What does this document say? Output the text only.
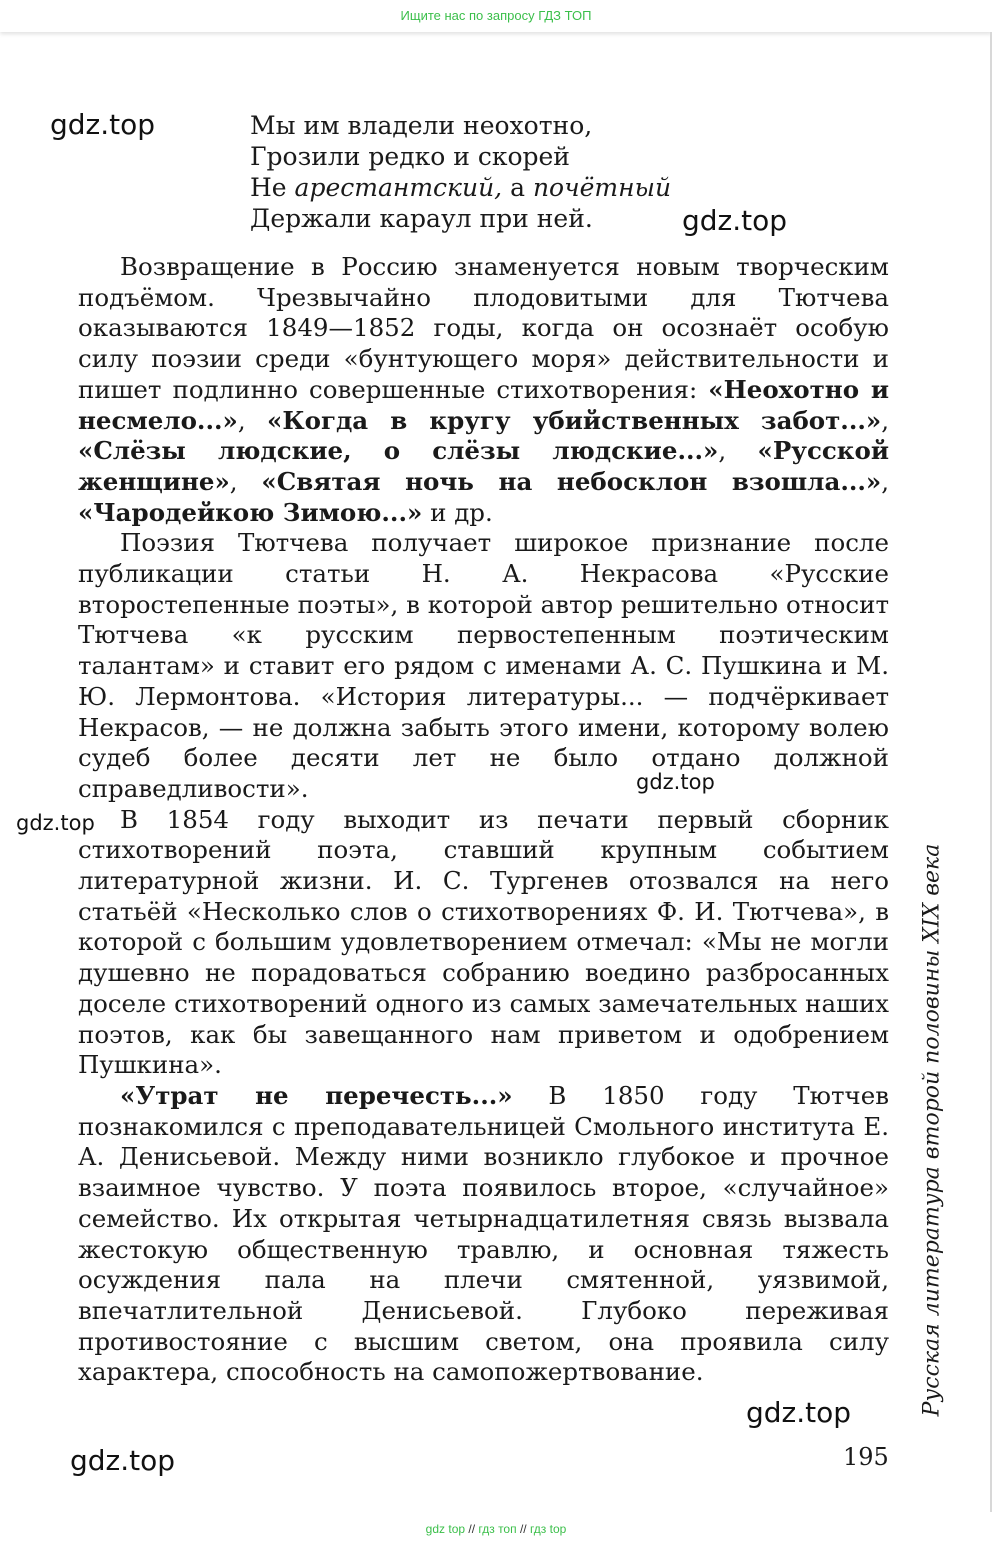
Ищите нас по запросу ГДЗ ТОП
gdz.top
gdz.top
gdz.top
gdz.top
gdz.top
gdz.top
Мы им владели неохотно,
Грозили редко и скорей
Не арестантский, а почётный
Держали караул при ней.

Возвращение в Россию знаменуется новым творческим подъёмом. Чрезвычайно плодовитыми для Тютчева оказываются 1849—1852 годы, когда он осознаёт особую силу поэзии среди «бунтующего моря» действительности и пишет подлинно совершенные стихотворения: «Неохотно и несмело...», «Когда в кругу убийственных забот...», «Слёзы людские, о слёзы людские...», «Русской женщине», «Святая ночь на небосклон взошла...», «Чародейкою Зимою...» и др.

Поэзия Тютчева получает широкое признание после публикации статьи Н. А. Некрасова «Русские второстепенные поэты», в которой автор решительно относит Тютчева «к русским первостепенным поэтическим талантам» и ставит его рядом с именами А. С. Пушкина и М. Ю. Лермонтова. «История литературы... — подчёркивает Некрасов, — не должна забыть этого имени, которому волею судеб более десяти лет не было отдано должной справедливости».

В 1854 году выходит из печати первый сборник стихотворений поэта, ставший крупным событием литературной жизни. И. С. Тургенев отозвался на него статьёй «Несколько слов о стихотворениях Ф. И. Тютчева», в которой с большим удовлетворением отмечал: «Мы не могли душевно не порадоваться собранию воедино разбросанных доселе стихотворений одного из самых замечательных наших поэтов, как бы завещанного нам приветом и одобрением Пушкина».

«Утрат не перечесть...» В 1850 году Тютчев познакомился с преподавательницей Смольного института Е. А. Денисьевой. Между ними возникло глубокое и прочное взаимное чувство. У поэта появилось второе, «случайное» семейство. Их открытая четырнадцатилетняя связь вызвала жестокую общественную травлю, и основная тяжесть осуждения пала на плечи смятенной, уязвимой, впечатлительной Денисьевой. Глубоко переживая противостояние с высшим светом, она проявила силу характера, способность на самопожертвование.	Русская литература второй половины XIX века
195
gdz top // гдз топ // гдз top
